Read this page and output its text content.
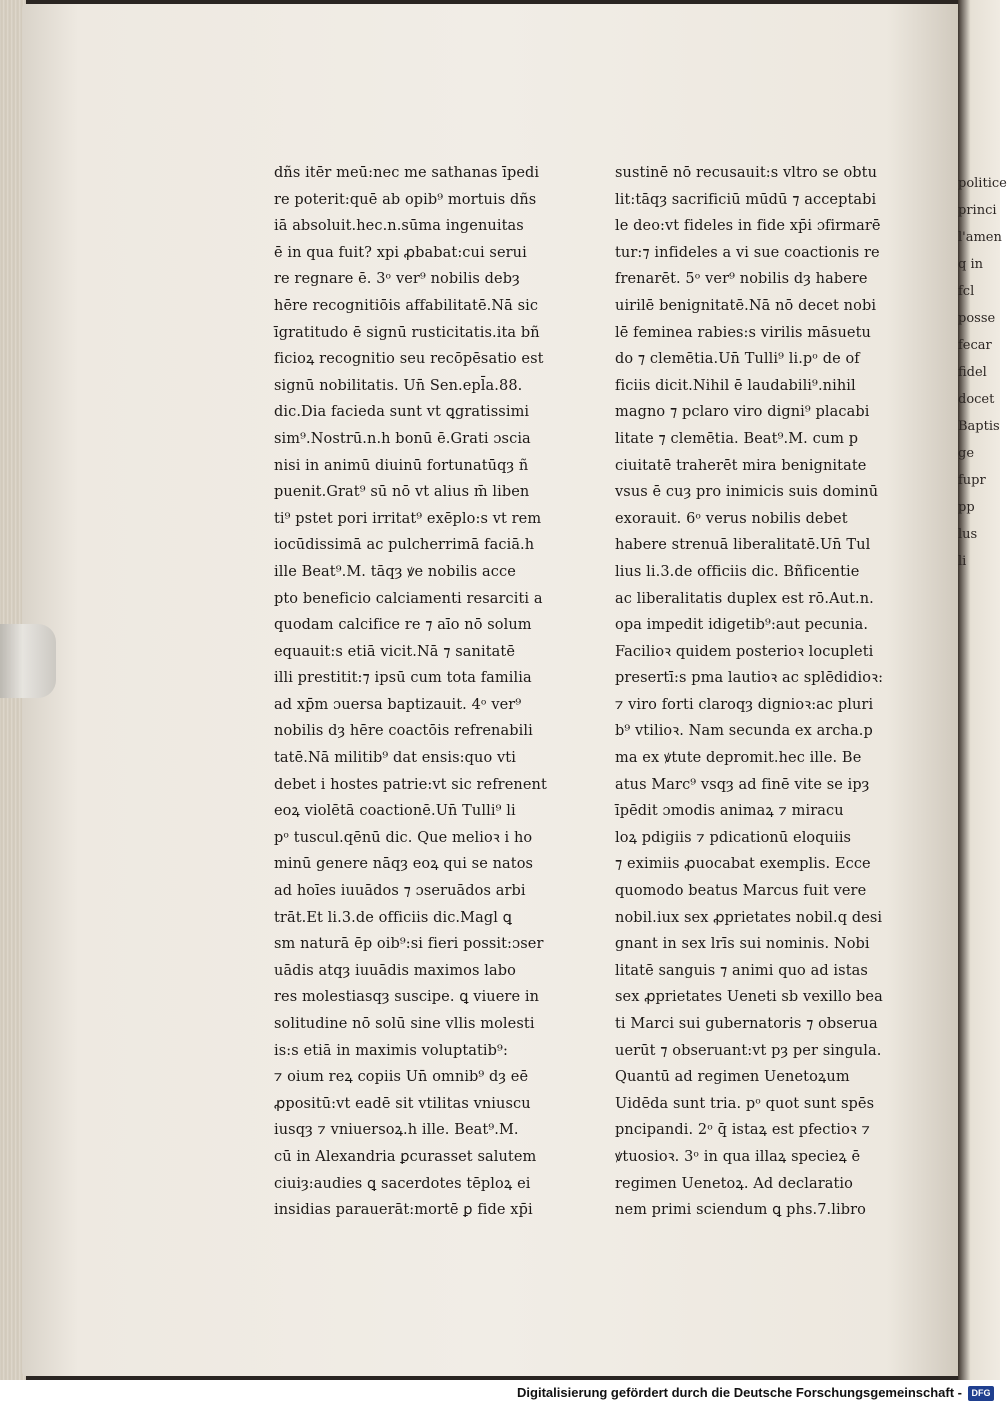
dñs itēr meū:nec me sathanas īpedi
re poterit:quē ab opib⁹ mortuis dñs
iā absoluit.hec.n.sūma ingenuitas
ē in qua fuit? xpi ꝓbabat:cui serui
re regnare ē. 3ᵒ ver⁹ nobilis debȝ
hēre recognitiōis affabilitatē.Nā sic
īgratitudo ē signū rusticitatis.ita bñ
ficioꝝ recognitio seu recōpēsatio est
signū nobilitatis. Un̄ Sen.epl̄a.88.
dic.Dia facieda sunt vt ꝗgratissimi
sim⁹.Nostrū.n.h bonū ē.Grati ɔscia
nisi in animū diuinū fortunatūqȝ ñ
puenit.Grat⁹ sū nō vt alius m̄ liben
ti⁹ pstet pori irritat⁹ exēplo:s vt rem
iocūdissimā ac pulcherrimā faciā.h
ille Beat⁹.M. tāqȝ ꝟe nobilis acce
pto beneficio calciamenti resarciti a
quodam calcifice re ⁊ aīo nō solum
equauit:s etiā vicit.Nā ⁊ sanitatē
illi prestitit:⁊ ipsū cum tota familia
ad xp̄m ɔuersa baptizauit. 4ᵒ ver⁹
nobilis dȝ hēre coactōis refrenabili
tatē.Nā militib⁹ dat ensis:quo vti
debet i hostes patrie:vt sic refrenent
eoꝝ violētā coactionē.Un̄ Tulli⁹ li
pᵒ tuscul.qēnū dic. Que melioꝛ i ho
minū genere nāqȝ eoꝝ qui se natos
ad hoīes iuuādos ⁊ ɔseruādos arbi
trāt.Et li.3.de officiis dic.Magl ꝗ
sm naturā ēp oib⁹:si fieri possit:ɔser
uādis atqȝ iuuādis maximos labo
res molestiasqȝ suscipe. ꝗ viuere in
solitudine nō solū sine vllis molesti
is:s etiā in maximis voluptatib⁹:
⁊ oium reꝝ copiis Un̄ omnib⁹ dȝ eē
ꝓpositū:vt eadē sit vtilitas vniuscu
iusqȝ ⁊ vniuersoꝝ.h ille. Beat⁹.M.
cū in Alexandria ꝑcurasset salutem
ciuiȝ:audies ꝗ sacerdotes tēploꝝ ei
insidias parauerāt:mortē ꝑ fide xp̄i
sustinē nō recusauit:s vltro se obtu
lit:tāqȝ sacrificiū mūdū ⁊ acceptabi
le deo:vt fideles in fide xp̄i ɔfirmarē
tur:⁊ infideles a vi sue coactionis re
frenarēt. 5ᵒ ver⁹ nobilis dȝ habere
uirilē benignitatē.Nā nō decet nobi
lē feminea rabies:s virilis māsuetu
do ⁊ clemētia.Un̄ Tulli⁹ li.pᵒ de of
ficiis dicit.Nihil ē laudabili⁹.nihil
magno ⁊ pclaro viro digni⁹ placabi
litate ⁊ clemētia. Beat⁹.M. cum p
ciuitatē traherēt mira benignitate
vsus ē cuȝ pro inimicis suis dominū
exorauit. 6ᵒ verus nobilis debet
habere strenuā liberalitatē.Un̄ Tul
lius li.3.de officiis dic. Bñficentie
ac liberalitatis duplex est rō.Aut.n.
opa impedit idigetib⁹:aut pecunia.
Facilioꝛ quidem posterioꝛ locupleti
presertī:s pma lautioꝛ ac splēdidioꝛ:
⁊ viro forti claroqȝ dignioꝛ:ac pluri
b⁹ vtilioꝛ. Nam secunda ex archa.p
ma ex ꝟtute depromit.hec ille. Be
atus Marc⁹ vsqȝ ad finē vite se ipȝ
īpēdit ɔmodis animaꝝ ⁊ miracu
loꝝ pdigiis ⁊ pdicationū eloquiis
⁊ eximiis ꝓuocabat exemplis. Ecce
quomodo beatus Marcus fuit vere
nobil.iux sex ꝓprietates nobil.q desi
gnant in sex lrīs sui nominis. Nobi
litatē sanguis ⁊ animi quo ad istas
sex ꝓprietates Ueneti sb vexillo bea
ti Marci sui gubernatoris ⁊ obserua
uerūt ⁊ obseruant:vt pȝ per singula.
Quantū ad regimen Uenetoꝝum
Uidēda sunt tria. pᵒ quot sunt spēs
pncipandi. 2ᵒ q̄ istaꝝ est pfectioꝛ ⁊
ꝟtuosioꝛ. 3ᵒ in qua illaꝝ specieꝝ ē
regimen Uenetoꝝ. Ad declaratio
nem primi sciendum ꝗ phs.7.libro
politice
princi
l'amen
q in
fcl
posse
fecar
fidel
docet
Baptis
ge
fupr
pp
lus
li
Digitalisierung gefördert durch die Deutsche Forschungsgemeinschaft -	DFG
